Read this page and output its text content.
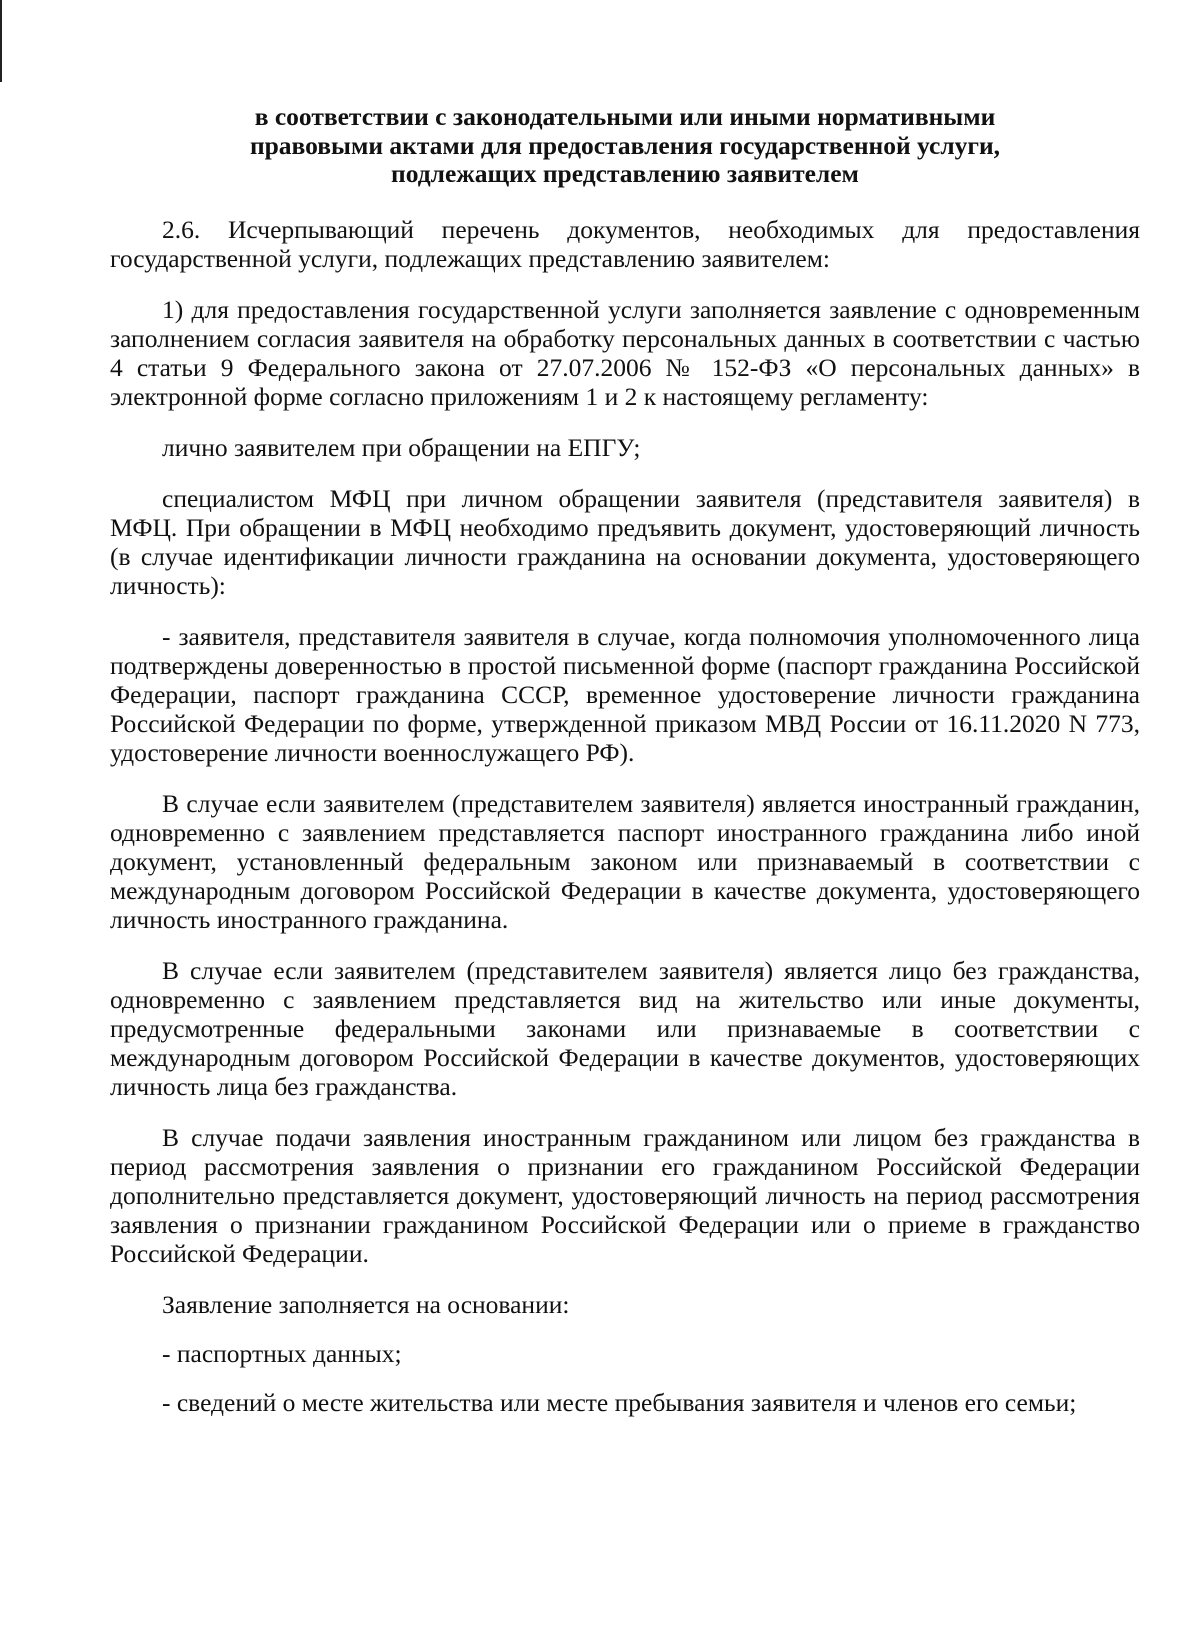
в соответствии с законодательными или иными нормативными
правовыми актами для предоставления государственной услуги,
подлежащих представлению заявителем

2.6. Исчерпывающий перечень документов, необходимых для предоставления государственной услуги, подлежащих представлению заявителем:

1) для предоставления государственной услуги заполняется заявление с одновременным заполнением согласия заявителя на обработку персональных данных в соответствии с частью 4 статьи 9 Федерального закона от 27.07.2006 № 152-ФЗ «О персональных данных» в электронной форме согласно приложениям 1 и 2 к настоящему регламенту:

лично заявителем при обращении на ЕПГУ;

специалистом МФЦ при личном обращении заявителя (представителя заявителя) в МФЦ. При обращении в МФЦ необходимо предъявить документ, удостоверяющий личность (в случае идентификации личности гражданина на основании документа, удостоверяющего личность):

- заявителя, представителя заявителя в случае, когда полномочия уполномоченного лица подтверждены доверенностью в простой письменной форме (паспорт гражданина Российской Федерации, паспорт гражданина СССР, временное удостоверение личности гражданина Российской Федерации по форме, утвержденной приказом МВД России от 16.11.2020 N 773, удостоверение личности военнослужащего РФ).

В случае если заявителем (представителем заявителя) является иностранный гражданин, одновременно с заявлением представляется паспорт иностранного гражданина либо иной документ, установленный федеральным законом или признаваемый в соответствии с международным договором Российской Федерации в качестве документа, удостоверяющего личность иностранного гражданина.

В случае если заявителем (представителем заявителя) является лицо без гражданства, одновременно с заявлением представляется вид на жительство или иные документы, предусмотренные федеральными законами или признаваемые в соответствии с международным договором Российской Федерации в качестве документов, удостоверяющих личность лица без гражданства.

В случае подачи заявления иностранным гражданином или лицом без гражданства в период рассмотрения заявления о признании его гражданином Российской Федерации дополнительно представляется документ, удостоверяющий личность на период рассмотрения заявления о признании гражданином Российской Федерации или о приеме в гражданство Российской Федерации.

Заявление заполняется на основании:

- паспортных данных;

- сведений о месте жительства или месте пребывания заявителя и членов его семьи;
